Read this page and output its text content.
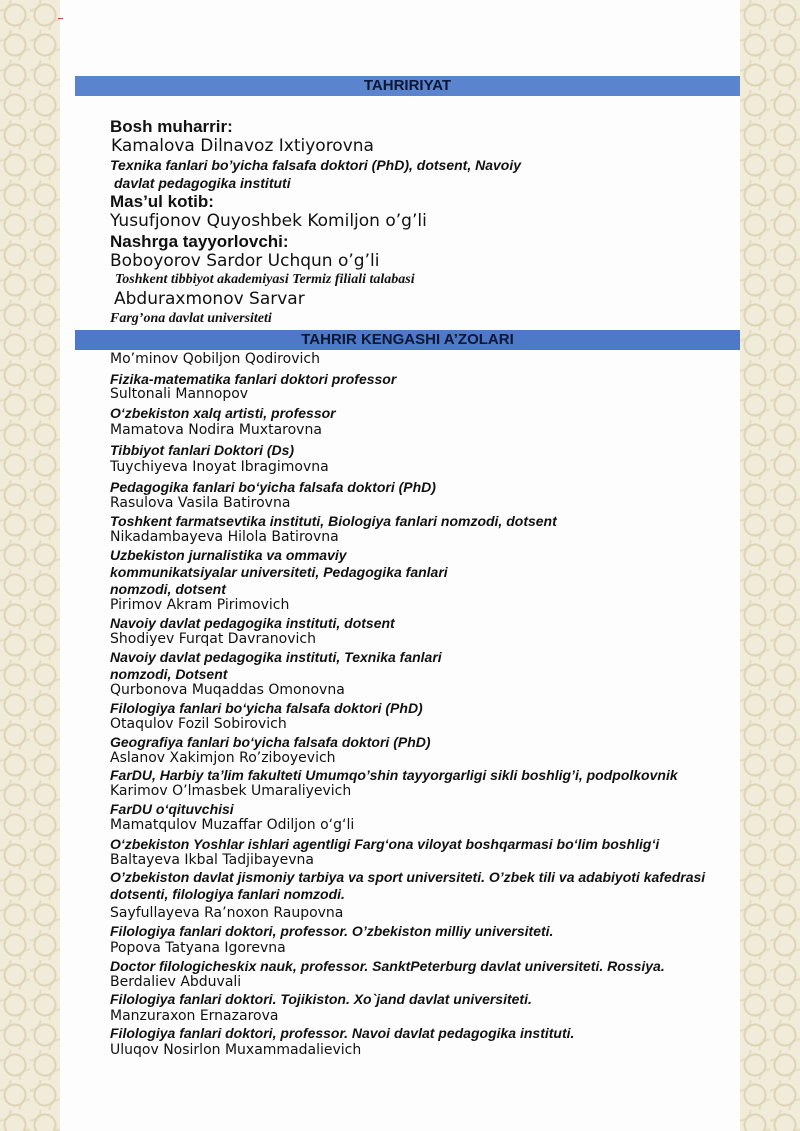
TAHRIRIYAT
Bosh muharrir:
Kamalova Dilnavoz Ixtiyorovna
Texnika fanlari bo’yicha falsafa doktori (PhD), dotsent, Navoiy
davlat pedagogika instituti
Mas’ul kotib:
Yusufjonov Quyoshbek Komiljon o’g’li
Nashrga tayyorlovchi:
Boboyorov Sardor Uchqun o’g’li
Toshkent tibbiyot akademiyasi Termiz filiali talabasi
Abduraxmonov Sarvar
Farg’ona davlat universiteti
TAHRIR KENGASHI A’ZOLARI
Mo’minov Qobiljon Qodirovich
Fizika-matematika fanlari doktori professor
Sultonali Mannopov
O‘zbekiston xalq artisti, professor
Mamatova Nodira Muxtarovna
Tibbiyot fanlari Doktori (Ds)
Tuychiyeva Inoyat Ibragimovna
Pedagogika fanlari bo‘yicha falsafa doktori (PhD)
Rasulova Vasila Batirovna
Toshkent farmatsevtika instituti, Biologiya fanlari nomzodi, dotsent
Nikadambayeva Hilola Batirovna
Uzbekiston jurnalistika va ommaviy
kommunikatsiyalar universiteti, Pedagogika fanlari
nomzodi, dotsent
Pirimov Akram Pirimovich
Navoiy davlat pedagogika instituti, dotsent
Shodiyev Furqat Davranovich
Navoiy davlat pedagogika instituti, Texnika fanlari
nomzodi, Dotsent
Qurbonova Muqaddas Omonovna
Filologiya fanlari bo‘yicha falsafa doktori (PhD)
Otaqulov Fozil Sobirovich
Geografiya fanlari bo‘yicha falsafa doktori (PhD)
Aslanov Xakimjon Ro’ziboyevich
FarDU, Harbiy ta’lim fakulteti Umumqo’shin tayyorgarligi sikli boshlig’i, podpolkovnik
Karimov O’lmasbek Umaraliyevich
FarDU o‘qituvchisi
Mamatqulov Muzaffar Odiljon o‘g‘li
O‘zbekiston Yoshlar ishlari agentligi Farg‘ona viloyat boshqarmasi bo‘lim boshlig‘i
Baltayeva Ikbal Tadjibayevna
O’zbekiston davlat jismoniy tarbiya va sport universiteti. O’zbek tili va adabiyoti kafedrasi
dotsenti, filologiya fanlari nomzodi.
Sayfullayeva Ra’noxon Raupovna
Filologiya fanlari doktori, professor. O’zbekiston milliy universiteti.
Popova Tatyana Igorevna
Doctor filologicheskix nauk, professor. SanktPeterburg davlat universiteti. Rossiya.
Berdaliev Abduvali
Filologiya fanlari doktori. Tojikiston. Xo`jand davlat universiteti.
Manzuraxon Ernazarova
Filologiya fanlari doktori, professor. Navoi davlat pedagogika instituti.
Uluqov Nosirlon Muxammadalievich
